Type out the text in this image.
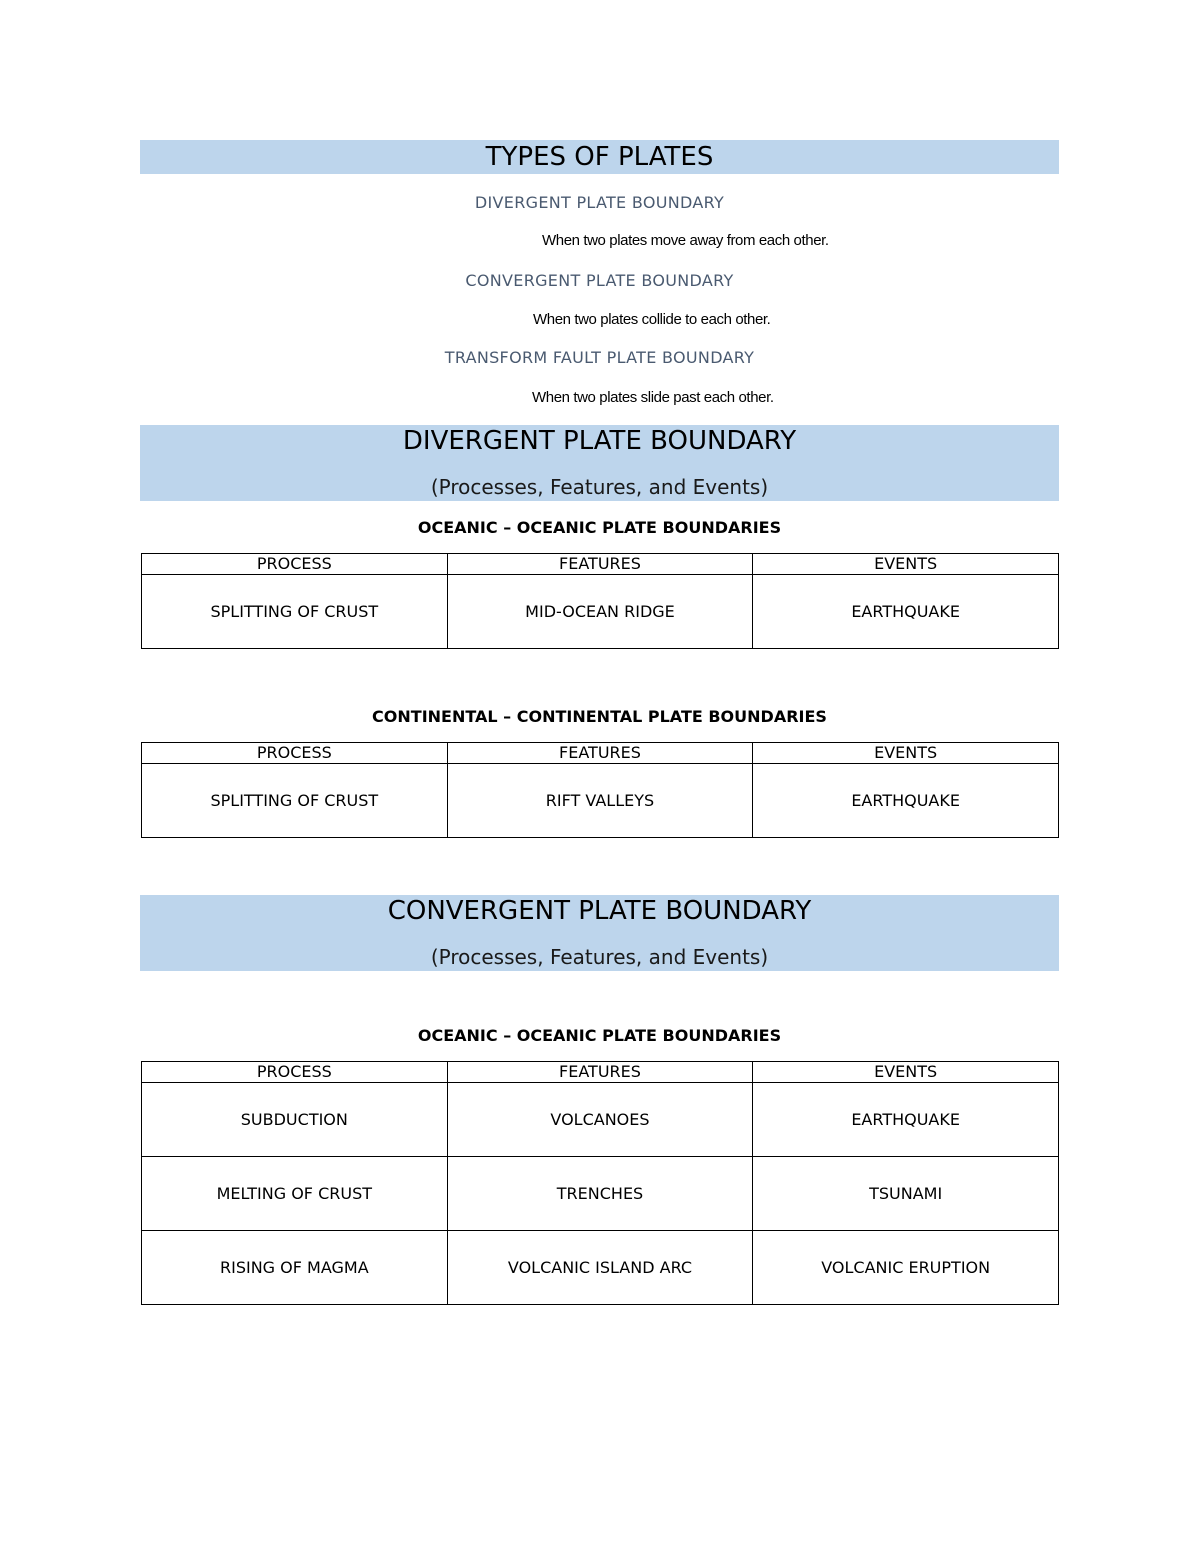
TYPES OF PLATES
DIVERGENT PLATE BOUNDARY
When two plates move away from each other.
CONVERGENT PLATE BOUNDARY
When two plates collide to each other.
TRANSFORM FAULT PLATE BOUNDARY
When two plates slide past each other.
DIVERGENT PLATE BOUNDARY
(Processes, Features, and Events)
OCEANIC – OCEANIC PLATE BOUNDARIES
PROCESS	FEATURES	EVENTS
SPLITTING OF CRUST	MID-OCEAN RIDGE	EARTHQUAKE
CONTINENTAL – CONTINENTAL PLATE BOUNDARIES
PROCESS	FEATURES	EVENTS
SPLITTING OF CRUST	RIFT VALLEYS	EARTHQUAKE
CONVERGENT PLATE BOUNDARY
(Processes, Features, and Events)
OCEANIC – OCEANIC PLATE BOUNDARIES
PROCESS	FEATURES	EVENTS
SUBDUCTION	VOLCANOES	EARTHQUAKE
MELTING OF CRUST	TRENCHES	TSUNAMI
RISING OF MAGMA	VOLCANIC ISLAND ARC	VOLCANIC ERUPTION
